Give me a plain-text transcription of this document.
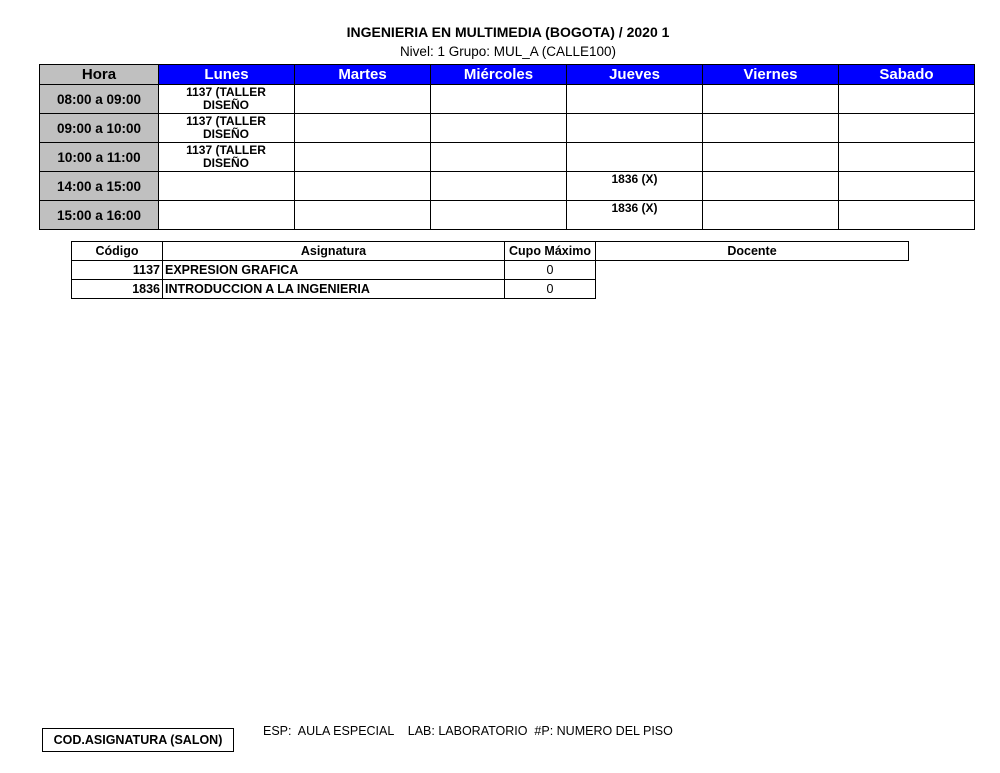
INGENIERIA EN MULTIMEDIA (BOGOTA) / 2020 1
Nivel: 1 Grupo: MUL_A (CALLE100)
Hora	Lunes	Martes	Miércoles	Jueves	Viernes	Sabado
08:00 a 09:00	1137 (TALLER
DISEÑO					

09:00 a 10:00	1137 (TALLER
DISEÑO					

10:00 a 11:00	1137 (TALLER
DISEÑO					

14:00 a 15:00				1836 (X)		

15:00 a 16:00				1836 (X)		

Código	Asignatura	Cupo Máximo	Docente
1137	EXPRESION GRAFICA	0	
1836	INTRODUCCION A LA INGENIERIA	0	
COD.ASIGNATURA (SALON)
ESP:  AULA ESPECIAL    LAB: LABORATORIO  #P: NUMERO DEL PISO
